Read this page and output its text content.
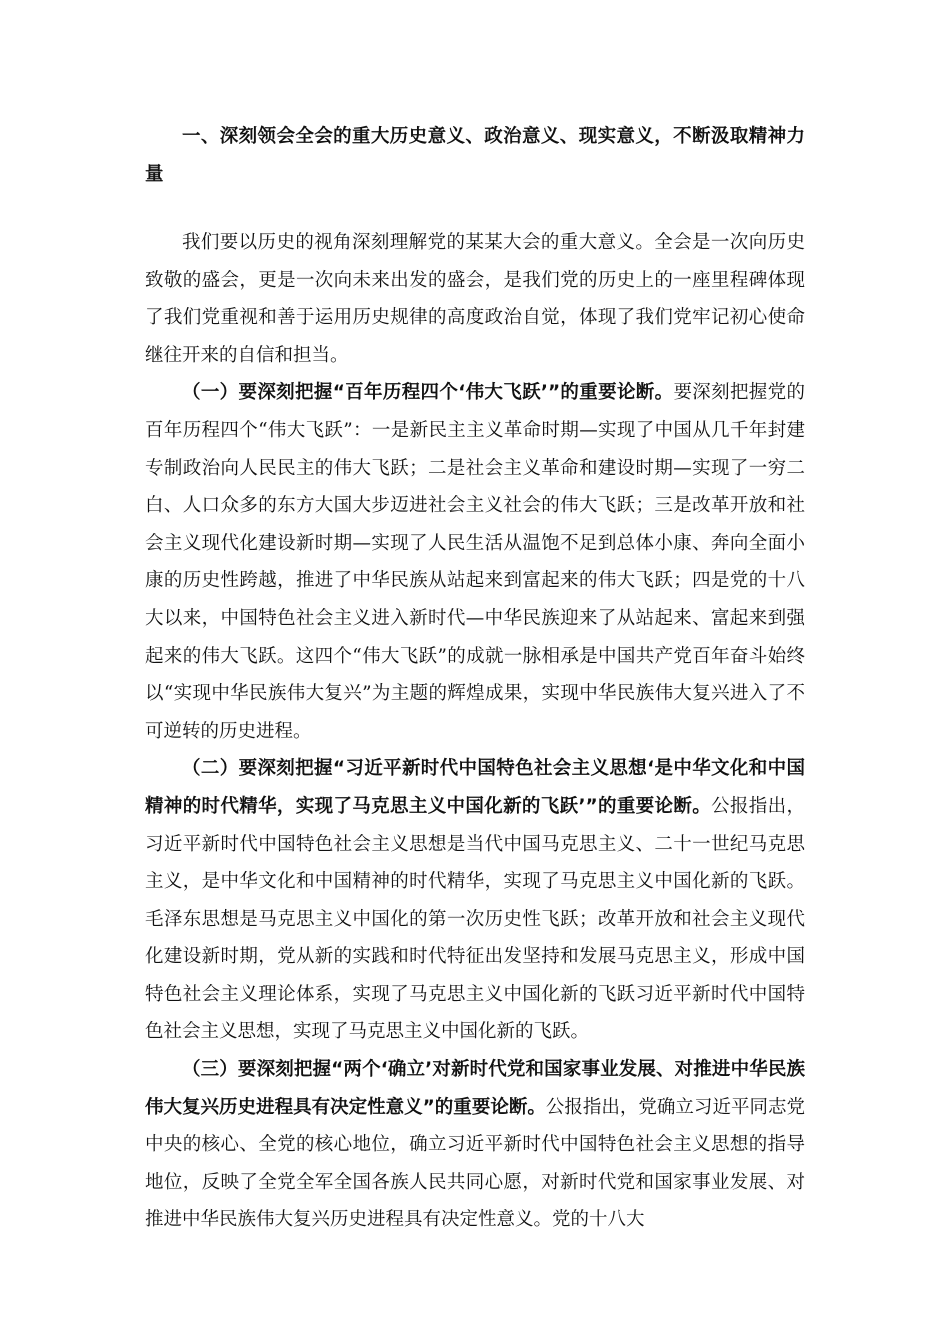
一、深刻领会全会的重大历史意义、政治意义、现实意义，不断汲取精神力量

我们要以历史的视角深刻理解党的某某大会的重大意义。全会是一次向历史致敬的盛会，更是一次向未来出发的盛会，是我们党的历史上的一座里程碑体现了我们党重视和善于运用历史规律的高度政治自觉，体现了我们党牢记初心使命继往开来的自信和担当。

（一）要深刻把握“百年历程四个‘伟大飞跃’”的重要论断。要深刻把握党的百年历程四个“伟大飞跃”：一是新民主主义革命时期—实现了中国从几千年封建专制政治向人民民主的伟大飞跃；二是社会主义革命和建设时期—实现了一穷二白、人口众多的东方大国大步迈进社会主义社会的伟大飞跃；三是改革开放和社会主义现代化建设新时期—实现了人民生活从温饱不足到总体小康、奔向全面小康的历史性跨越，推进了中华民族从站起来到富起来的伟大飞跃；四是党的十八大以来，中国特色社会主义进入新时代—中华民族迎来了从站起来、富起来到强起来的伟大飞跃。这四个“伟大飞跃”的成就一脉相承是中国共产党百年奋斗始终以“实现中华民族伟大复兴”为主题的辉煌成果，实现中华民族伟大复兴进入了不可逆转的历史进程。

（二）要深刻把握“习近平新时代中国特色社会主义思想‘是中华文化和中国精神的时代精华，实现了马克思主义中国化新的飞跃’”的重要论断。公报指出，习近平新时代中国特色社会主义思想是当代中国马克思主义、二十一世纪马克思主义，是中华文化和中国精神的时代精华，实现了马克思主义中国化新的飞跃。毛泽东思想是马克思主义中国化的第一次历史性飞跃；改革开放和社会主义现代化建设新时期，党从新的实践和时代特征出发坚持和发展马克思主义，形成中国特色社会主义理论体系，实现了马克思主义中国化新的飞跃习近平新时代中国特色社会主义思想，实现了马克思主义中国化新的飞跃。

（三）要深刻把握“两个‘确立’对新时代党和国家事业发展、对推进中华民族伟大复兴历史进程具有决定性意义”的重要论断。公报指出，党确立习近平同志党中央的核心、全党的核心地位，确立习近平新时代中国特色社会主义思想的指导地位，反映了全党全军全国各族人民共同心愿，对新时代党和国家事业发展、对推进中华民族伟大复兴历史进程具有决定性意义。党的十八大
